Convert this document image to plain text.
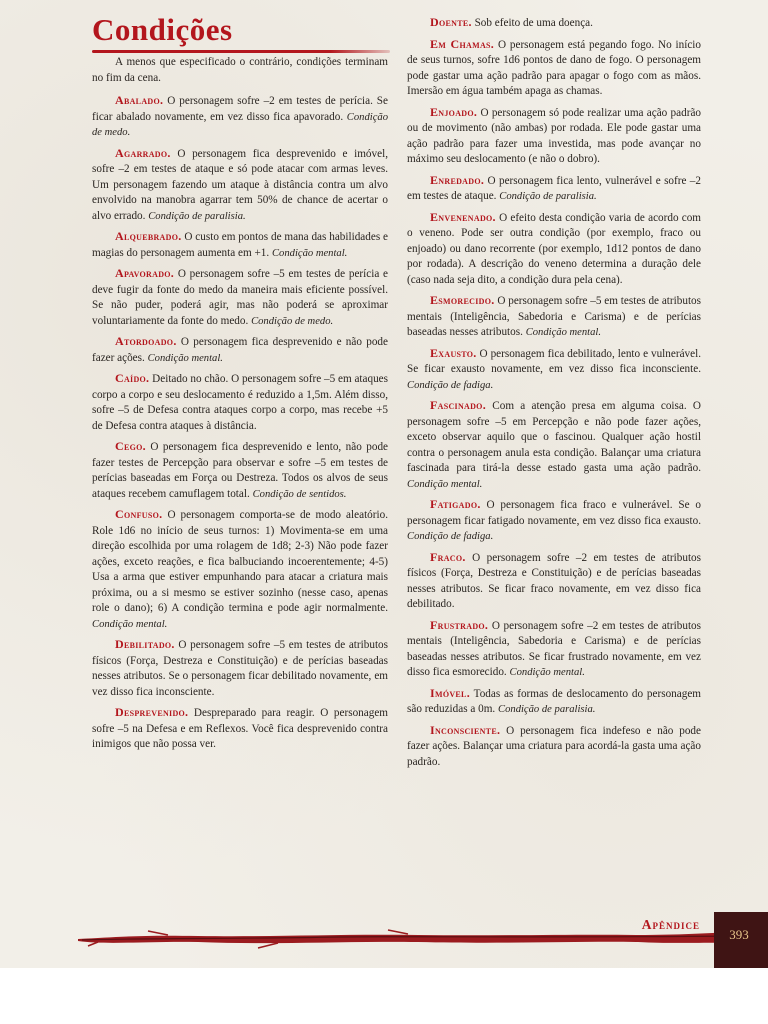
Condições

A menos que especificado o contrário, condições terminam no fim da cena.

Abalado. O personagem sofre –2 em testes de perícia. Se ficar abalado novamente, em vez disso fica apavorado. Condição de medo.

Agarrado. O personagem fica desprevenido e imóvel, sofre –2 em testes de ataque e só pode atacar com armas leves. Um personagem fazendo um ataque à distância contra um alvo envolvido na manobra agarrar tem 50% de chance de acertar o alvo errado. Condição de paralisia.

Alquebrado. O custo em pontos de mana das habilidades e magias do personagem aumenta em +1. Condição mental.

Apavorado. O personagem sofre –5 em testes de perícia e deve fugir da fonte do medo da maneira mais eficiente possível. Se não puder, poderá agir, mas não poderá se aproximar voluntariamente da fonte do medo. Condição de medo.

Atordoado. O personagem fica desprevenido e não pode fazer ações. Condição mental.

Caído. Deitado no chão. O personagem sofre –5 em ataques corpo a corpo e seu deslocamento é reduzido a 1,5m. Além disso, sofre –5 de Defesa contra ataques corpo a corpo, mas recebe +5 de Defesa contra ataques à distância.

Cego. O personagem fica desprevenido e lento, não pode fazer testes de Percepção para observar e sofre –5 em testes de perícias baseadas em Força ou Destreza. Todos os alvos de seus ataques recebem camuflagem total. Condição de sentidos.

Confuso. O personagem comporta-se de modo aleatório. Role 1d6 no início de seus turnos: 1) Movimenta-se em uma direção escolhida por uma rolagem de 1d8; 2-3) Não pode fazer ações, exceto reações, e fica balbuciando incoerentemente; 4-5) Usa a arma que estiver empunhando para atacar a criatura mais próxima, ou a si mesmo se estiver sozinho (nesse caso, apenas role o dano); 6) A condição termina e pode agir normalmente. Condição mental.

Debilitado. O personagem sofre –5 em testes de atributos físicos (Força, Destreza e Constituição) e de perícias baseadas nesses atributos. Se o personagem ficar debilitado novamente, em vez disso fica inconsciente.

Desprevenido. Despreparado para reagir. O personagem sofre –5 na Defesa e em Reflexos. Você fica desprevenido contra inimigos que não possa ver.

Doente. Sob efeito de uma doença.

Em Chamas. O personagem está pegando fogo. No início de seus turnos, sofre 1d6 pontos de dano de fogo. O personagem pode gastar uma ação padrão para apagar o fogo com as mãos. Imersão em água também apaga as chamas.

Enjoado. O personagem só pode realizar uma ação padrão ou de movimento (não ambas) por rodada. Ele pode gastar uma ação padrão para fazer uma investida, mas pode avançar no máximo seu deslocamento (e não o dobro).

Enredado. O personagem fica lento, vulnerável e sofre –2 em testes de ataque. Condição de paralisia.

Envenenado. O efeito desta condição varia de acordo com o veneno. Pode ser outra condição (por exemplo, fraco ou enjoado) ou dano recorrente (por exemplo, 1d12 pontos de dano por rodada). A descrição do veneno determina a duração dele (caso nada seja dito, a condição dura pela cena).

Esmorecido. O personagem sofre –5 em testes de atributos mentais (Inteligência, Sabedoria e Carisma) e de perícias baseadas nesses atributos. Condição mental.

Exausto. O personagem fica debilitado, lento e vulnerável. Se ficar exausto novamente, em vez disso fica inconsciente. Condição de fadiga.

Fascinado. Com a atenção presa em alguma coisa. O personagem sofre –5 em Percepção e não pode fazer ações, exceto observar aquilo que o fascinou. Qualquer ação hostil contra o personagem anula esta condição. Balançar uma criatura fascinada para tirá-la desse estado gasta uma ação padrão. Condição mental.

Fatigado. O personagem fica fraco e vulnerável. Se o personagem ficar fatigado novamente, em vez disso fica exausto. Condição de fadiga.

Fraco. O personagem sofre –2 em testes de atributos físicos (Força, Destreza e Constituição) e de perícias baseadas nesses atributos. Se ficar fraco novamente, em vez disso fica debilitado.

Frustrado. O personagem sofre –2 em testes de atributos mentais (Inteligência, Sabedoria e Carisma) e de perícias baseadas nesses atributos. Se ficar frustrado novamente, em vez disso fica esmorecido. Condição mental.

Imóvel. Todas as formas de deslocamento do personagem são reduzidas a 0m. Condição de paralisia.

Inconsciente. O personagem fica indefeso e não pode fazer ações. Balançar uma criatura para acordá-la gasta uma ação padrão.

Apêndice
393
